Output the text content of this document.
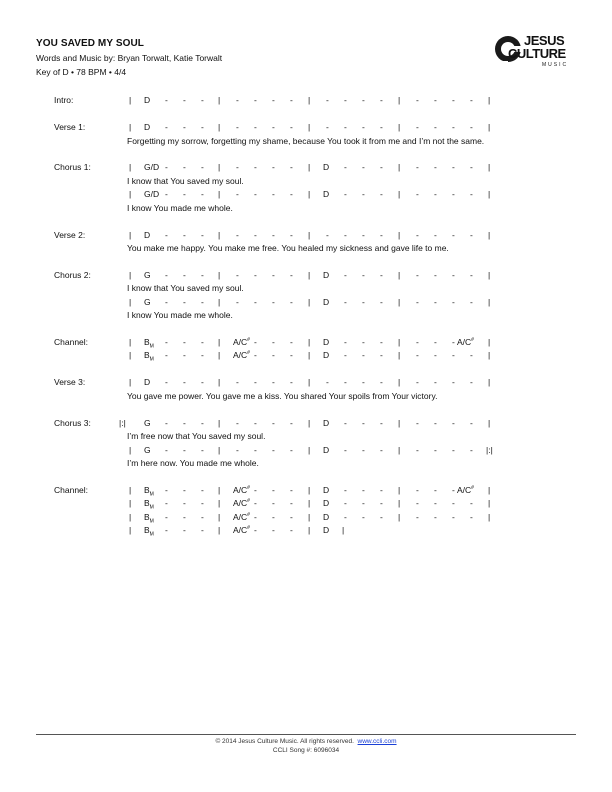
YOU SAVED MY SOUL
Words and Music by: Bryan Torwalt, Katie Torwalt
Key of D • 78 BPM • 4/4
JESUS
CULTURE
MUSIC
Intro:
Verse 1:
Chorus 1:
Verse 2:
Chorus 2:
Channel:
Verse 3:
Chorus 3:
Channel:
| D - - - | - - - - | - - - - | - - - - |
| D - - - | - - - - | - - - - | - - - - |
| G/D - - - | - - - - | D - - - | - - - - |
| G/D - - - | - - - - | D - - - | - - - - |
| D - - - | - - - - | - - - - | - - - - |
| G - - - | - - - - | D - - - | - - - - |
| G - - - | - - - - | D - - - | - - - - |
| $B_M$ - - - | A/C# - - - | D - - - | - - - A/C# |
| $B_M$ - - - | A/C# - - - | D - - - | - - - - |
| D - - - | - - - - | - - - - | - - - - |
|:| G - - - | - - - - | D - - - | - - - - |
| G - - - | - - - - | D - - - | - - - - |:|
| $B_M$ - - - | A/C# - - - | D - - - | - - - A/C# |
| $B_M$ - - - | A/C# - - - | D - - - | - - - - |
| $B_M$ - - - | A/C# - - - | D - - - | - - - - |
| $B_M$ - - - | A/C# - - - | D |
Forgetting my sorrow, forgetting my shame, because You took it from me and I’m not the same.
I know that You saved my soul.
I know You made me whole.
You make me happy. You make me free. You healed my sickness and gave life to me.
I know that You saved my soul.
I know You made me whole.
You gave me power. You gave me a kiss. You shared Your spoils from Your victory.
I’m free now that You saved my soul.
I’m here now. You made me whole.
© 2014 Jesus Culture Music. All rights reserved. www.ccli.com
CCLI Song #: 6096034
